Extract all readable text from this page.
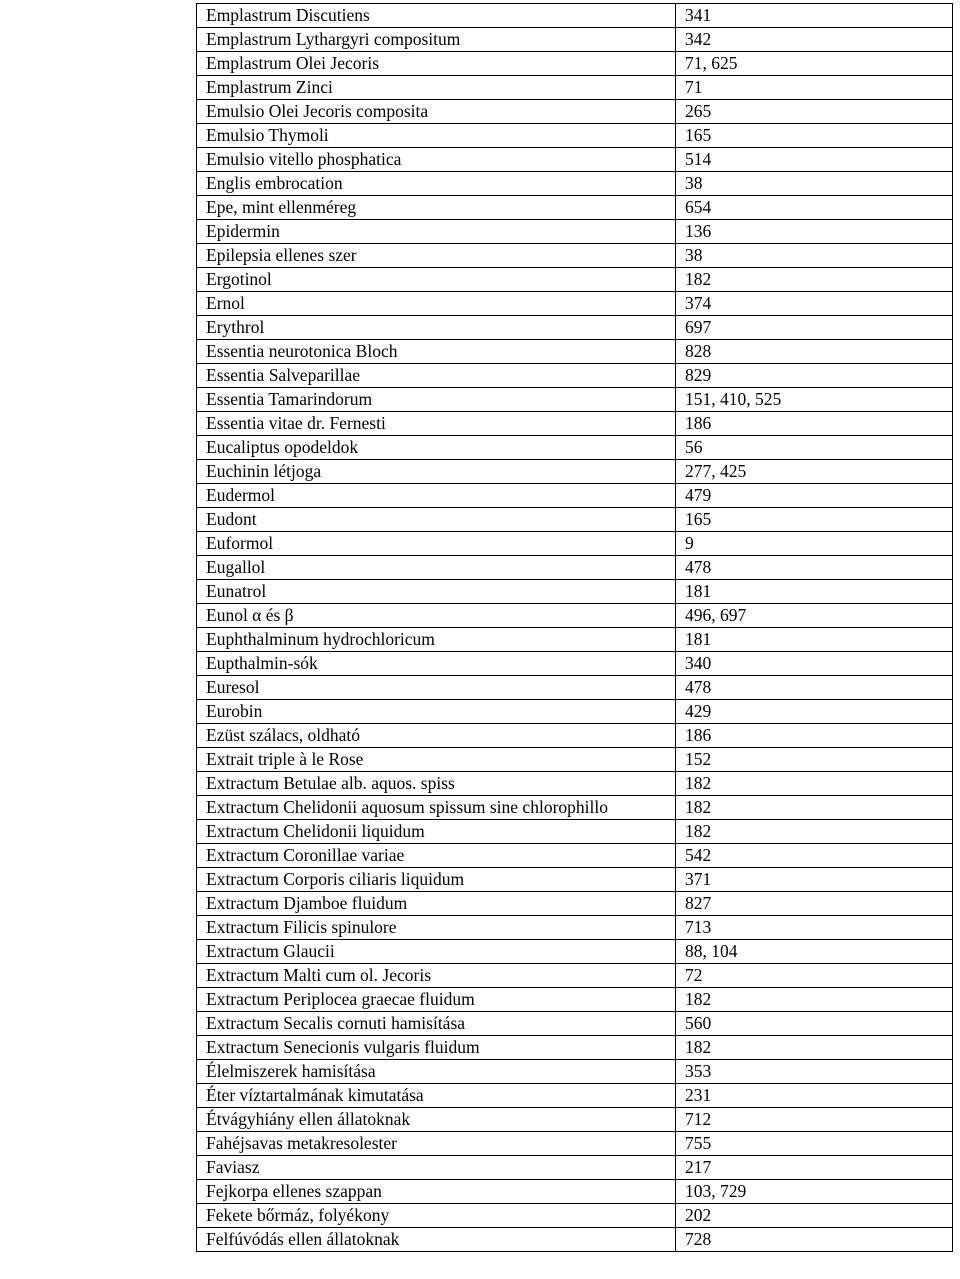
Emplastrum Discutiens	341
Emplastrum Lythargyri compositum	342
Emplastrum Olei Jecoris	71, 625
Emplastrum Zinci	71
Emulsio Olei Jecoris composita	265
Emulsio Thymoli	165
Emulsio vitello phosphatica	514
Englis embrocation	38
Epe, mint ellenméreg	654
Epidermin	136
Epilepsia ellenes szer	38
Ergotinol	182
Ernol	374
Erythrol	697
Essentia neurotonica Bloch	828
Essentia Salveparillae	829
Essentia Tamarindorum	151, 410, 525
Essentia vitae dr. Fernesti	186
Eucaliptus opodeldok	56
Euchinin létjoga	277, 425
Eudermol	479
Eudont	165
Euformol	9
Eugallol	478
Eunatrol	181
Eunol α és β	496, 697
Euphthalminum hydrochloricum	181
Eupthalmin-sók	340
Euresol	478
Eurobin	429
Ezüst szálacs, oldható	186
Extrait triple à le Rose	152
Extractum Betulae alb. aquos. spiss	182
Extractum Chelidonii aquosum spissum sine chlorophillo	182
Extractum Chelidonii liquidum	182
Extractum Coronillae variae	542
Extractum Corporis ciliaris liquidum	371
Extractum Djamboe fluidum	827
Extractum Filicis spinulore	713
Extractum Glaucii	88, 104
Extractum Malti cum ol. Jecoris	72
Extractum Periplocea graecae fluidum	182
Extractum Secalis cornuti hamisítása	560
Extractum Senecionis vulgaris fluidum	182
Élelmiszerek hamisítása	353
Éter víztartalmának kimutatása	231
Étvágyhiány ellen állatoknak	712
Fahéjsavas metakresolester	755
Faviasz	217
Fejkorpa ellenes szappan	103, 729
Fekete bőrmáz, folyékony	202
Felfúvódás ellen állatoknak	728
